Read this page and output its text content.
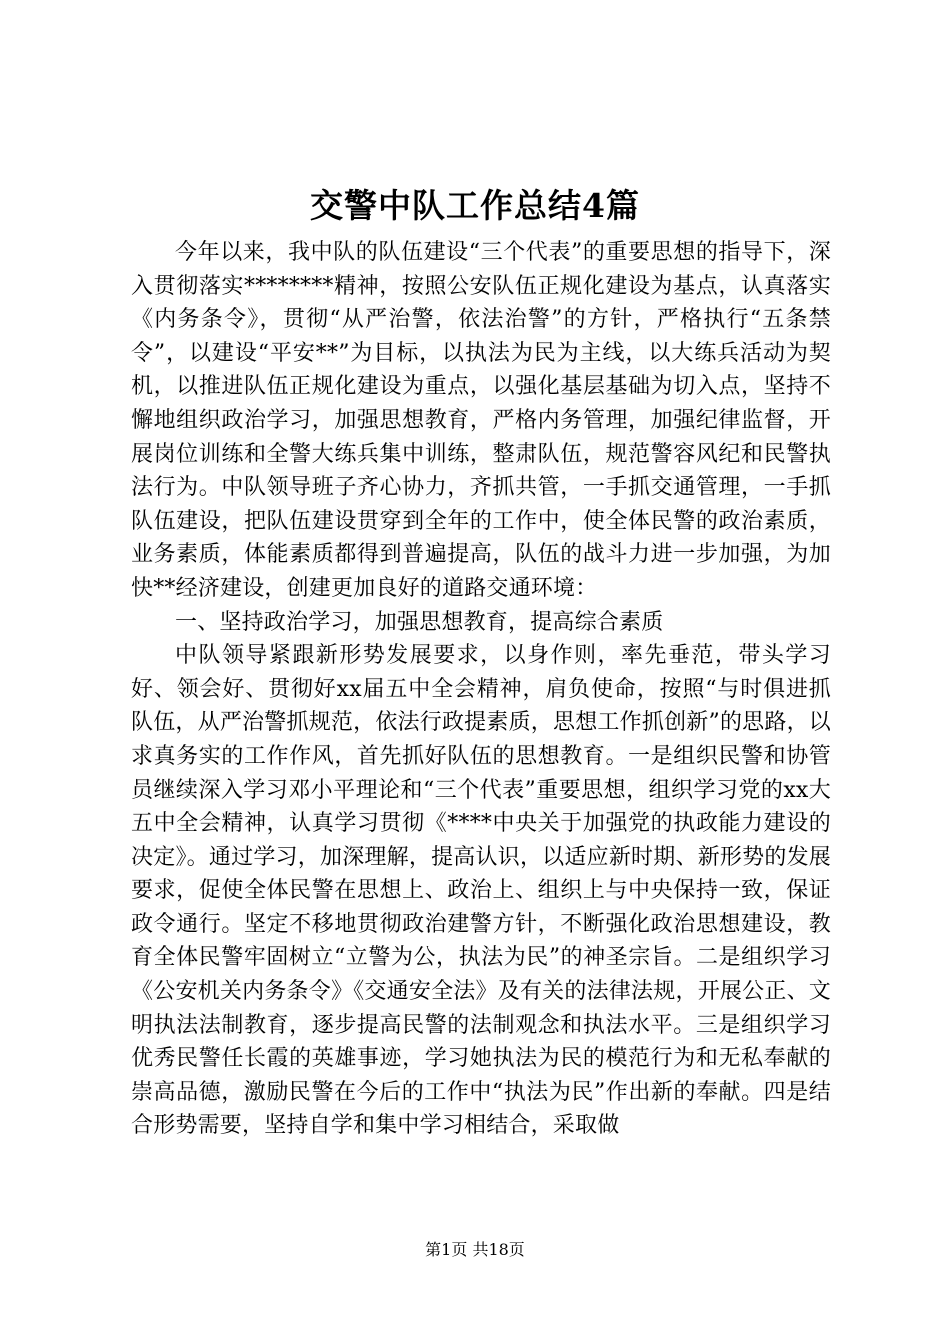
交警中队工作总结4篇

今年以来，我中队的队伍建设“三个代表”的重要思想的指导下，深入贯彻落实********精神，按照公安队伍正规化建设为基点，认真落实《内务条令》，贯彻“从严治警，依法治警”的方针，严格执行“五条禁令”，以建设“平安**”为目标，以执法为民为主线，以大练兵活动为契机，以推进队伍正规化建设为重点，以强化基层基础为切入点，坚持不懈地组织政治学习，加强思想教育，严格内务管理，加强纪律监督，开展岗位训练和全警大练兵集中训练，整肃队伍，规范警容风纪和民警执法行为。中队领导班子齐心协力，齐抓共管，一手抓交通管理，一手抓队伍建设，把队伍建设贯穿到全年的工作中，使全体民警的政治素质，业务素质，体能素质都得到普遍提高，队伍的战斗力进一步加强，为加快**经济建设，创建更加良好的道路交通环境：

一、坚持政治学习，加强思想教育，提高综合素质

中队领导紧跟新形势发展要求，以身作则，率先垂范，带头学习好、领会好、贯彻好xx届五中全会精神，肩负使命，按照“与时俱进抓队伍，从严治警抓规范，依法行政提素质，思想工作抓创新”的思路，以求真务实的工作作风，首先抓好队伍的思想教育。一是组织民警和协管员继续深入学习邓小平理论和“三个代表”重要思想，组织学习党的xx大五中全会精神，认真学习贯彻《****中央关于加强党的执政能力建设的决定》。通过学习，加深理解，提高认识，以适应新时期、新形势的发展要求，促使全体民警在思想上、政治上、组织上与中央保持一致，保证政令通行。坚定不移地贯彻政治建警方针，不断强化政治思想建设，教育全体民警牢固树立“立警为公，执法为民”的神圣宗旨。二是组织学习《公安机关内务条令》《交通安全法》及有关的法律法规，开展公正、文明执法法制教育，逐步提高民警的法制观念和执法水平。三是组织学习优秀民警任长霞的英雄事迹，学习她执法为民的模范行为和无私奉献的崇高品德，激励民警在今后的工作中“执法为民”作出新的奉献。四是结合形势需要，坚持自学和集中学习相结合，采取做

第1页 共18页
